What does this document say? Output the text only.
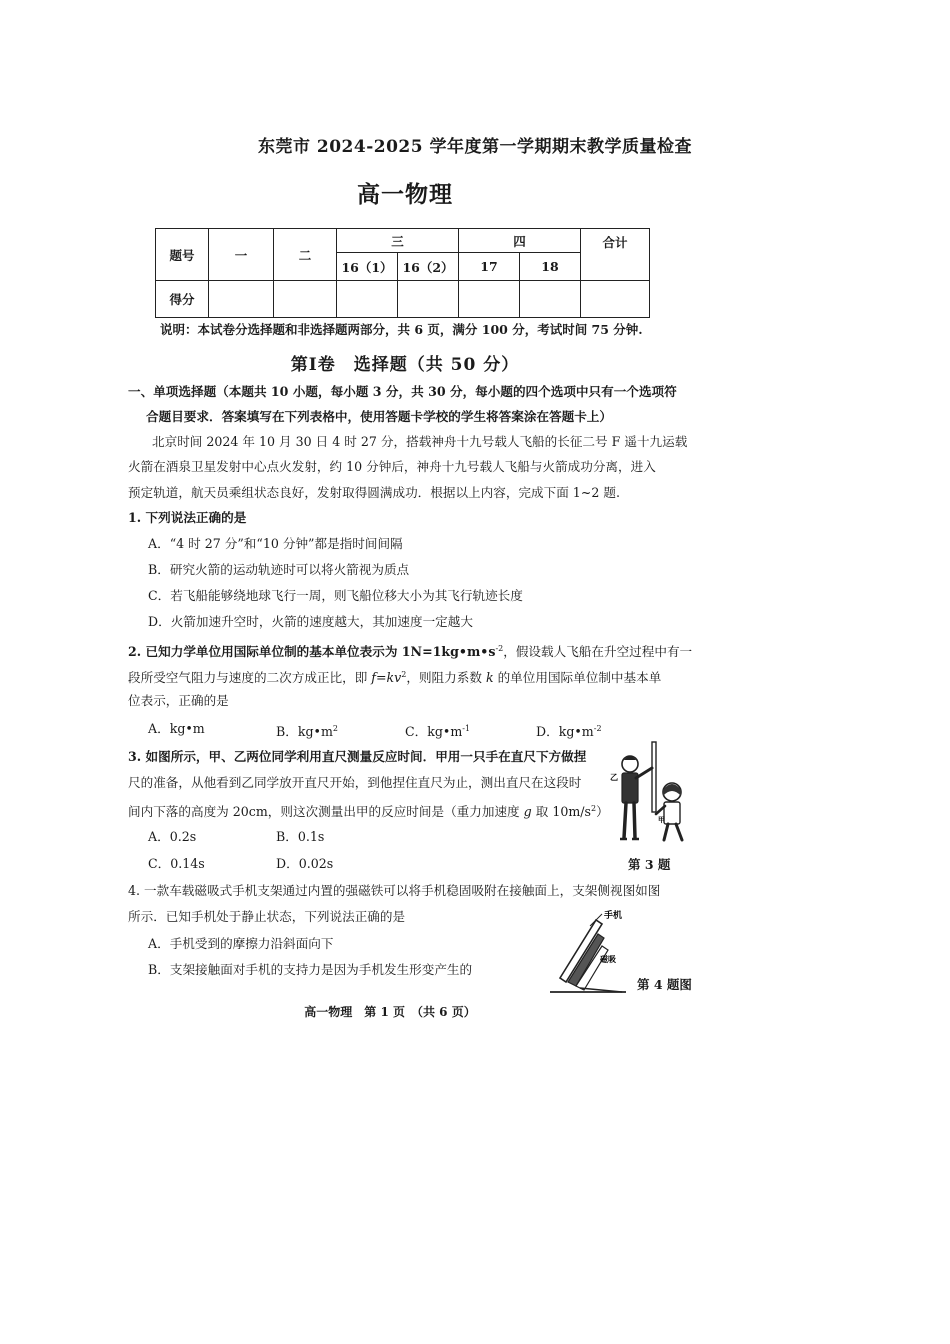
东莞市 2024-2025 学年度第一学期期末教学质量检查
高一物理
题号	一	二	三		四		合计
			16（1）	16（2）	17	18	
得分							
说明：本试卷分选择题和非选择题两部分，共 6 页，满分 100 分，考试时间 75 分钟.
第Ⅰ卷　选择题（共 50 分）
一、单项选择题（本题共 10 小题，每小题 3 分，共 30 分，每小题的四个选项中只有一个选项符
合题目要求．答案填写在下列表格中，使用答题卡学校的学生将答案涂在答题卡上）
北京时间 2024 年 10 月 30 日 4 时 27 分，搭载神舟十九号载人飞船的长征二号 F 遥十九运载
火箭在酒泉卫星发射中心点火发射，约 10 分钟后，神舟十九号载人飞船与火箭成功分离，进入
预定轨道，航天员乘组状态良好，发射取得圆满成功．根据以上内容，完成下面 1~2 题.
1. 下列说法正确的是
A．“4 时 27 分”和“10 分钟”都是指时间间隔
B．研究火箭的运动轨迹时可以将火箭视为质点
C．若飞船能够绕地球飞行一周，则飞船位移大小为其飞行轨迹长度
D．火箭加速升空时，火箭的速度越大，其加速度一定越大
2. 已知力学单位用国际单位制的基本单位表示为 $1N=1kg•m•s^{-2}$，假设载人飞船在升空过程中有一
段所受空气阻力与速度的二次方成正比，即 $f=kv^2$，则阻力系数 k 的单位用国际单位制中基本单
位表示，正确的是
A．kg•m	B．$kg•m^2$	C．$kg•m^{-1}$	D．$kg•m^{-2}$
3. 如图所示，甲、乙两位同学利用直尺测量反应时间．甲用一只手在直尺下方做捏
尺的准备，从他看到乙同学放开直尺开始，到他捏住直尺为止，测出直尺在这段时
间内下落的高度为 20cm，则这次测量出甲的反应时间是（重力加速度 g 取 $10m/s^2$）
A．0.2s	B．0.1s
C．0.14s	D．0.02s
乙
甲
第 3 题
4. 一款车载磁吸式手机支架通过内置的强磁铁可以将手机稳固吸附在接触面上，支架侧视图如图
所示．已知手机处于静止状态，下列说法正确的是
A．手机受到的摩擦力沿斜面向下
B．支架接触面对手机的支持力是因为手机发生形变产生的
手机
磁吸
第 4 题图
高一物理　第 1 页　（共 6 页）
